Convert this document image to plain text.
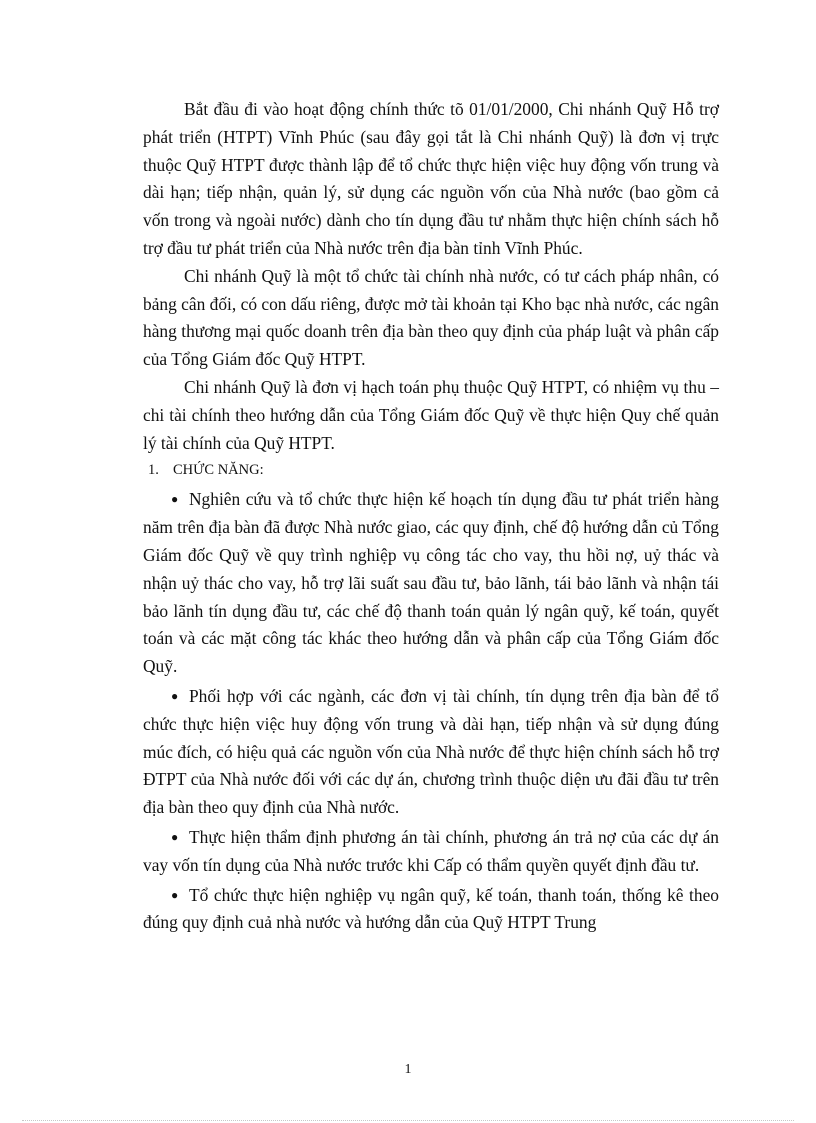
Bắt đầu đi vào hoạt động chính thức tõ 01/01/2000, Chi nhánh Quỹ Hỗ trợ phát triển (HTPT) Vĩnh Phúc (sau đây gọi tắt là Chi nhánh Quỹ) là đơn vị trực thuộc Quỹ HTPT được thành lập để tổ chức thực hiện việc huy động vốn trung và dài hạn; tiếp nhận, quản lý, sử dụng các nguồn vốn của Nhà nước (bao gồm cả vốn trong và ngoài nước) dành cho tín dụng đầu tư nhằm thực hiện chính sách hỗ trợ đầu tư phát triển của Nhà nước trên địa bàn tỉnh Vĩnh Phúc.

Chi nhánh Quỹ là một tổ chức tài chính nhà nước, có tư cách pháp nhân, có bảng cân đối, có con dấu riêng, được mở tài khoản tại Kho bạc nhà nước, các ngân hàng thương mại quốc doanh trên địa bàn theo quy định của pháp luật và phân cấp của Tổng Giám đốc Quỹ HTPT.

Chi nhánh Quỹ là đơn vị hạch toán phụ thuộc Quỹ HTPT, có nhiệm vụ thu – chi tài chính theo hướng dẫn của Tổng Giám đốc Quỹ về thực hiện Quy chế quản lý tài chính của Quỹ HTPT.

1. CHỨC NĂNG:

● Nghiên cứu và tổ chức thực hiện kế hoạch tín dụng đầu tư phát triển hàng năm trên địa bàn đã được Nhà nước giao, các quy định, chế độ hướng dẫn củ Tổng Giám đốc Quỹ về quy trình nghiệp vụ công tác cho vay, thu hồi nợ, uỷ thác và nhận uỷ thác cho vay, hỗ trợ lãi suất sau đầu tư, bảo lãnh, tái bảo lãnh và nhận tái bảo lãnh tín dụng đầu tư, các chế độ thanh toán quản lý ngân quỹ, kế toán, quyết toán và các mặt công tác khác theo hướng dẫn và phân cấp của Tổng Giám đốc Quỹ.

● Phối hợp với các ngành, các đơn vị tài chính, tín dụng trên địa bàn để tổ chức thực hiện việc huy động vốn trung và dài hạn, tiếp nhận và sử dụng đúng múc đích, có hiệu quả các nguồn vốn của Nhà nước để thực hiện chính sách hỗ trợ ĐTPT của Nhà nước đối với các dự án, chương trình thuộc diện ưu đãi đầu tư trên địa bàn theo quy định của Nhà nước.

● Thực hiện thẩm định phương án tài chính, phương án trả nợ của các dự án vay vốn tín dụng của Nhà nước trước khi Cấp có thẩm quyền quyết định đầu tư.

● Tổ chức thực hiện nghiệp vụ ngân quỹ, kế toán, thanh toán, thống kê theo đúng quy định cuả nhà nước và hướng dẫn của Quỹ HTPT Trung

1
